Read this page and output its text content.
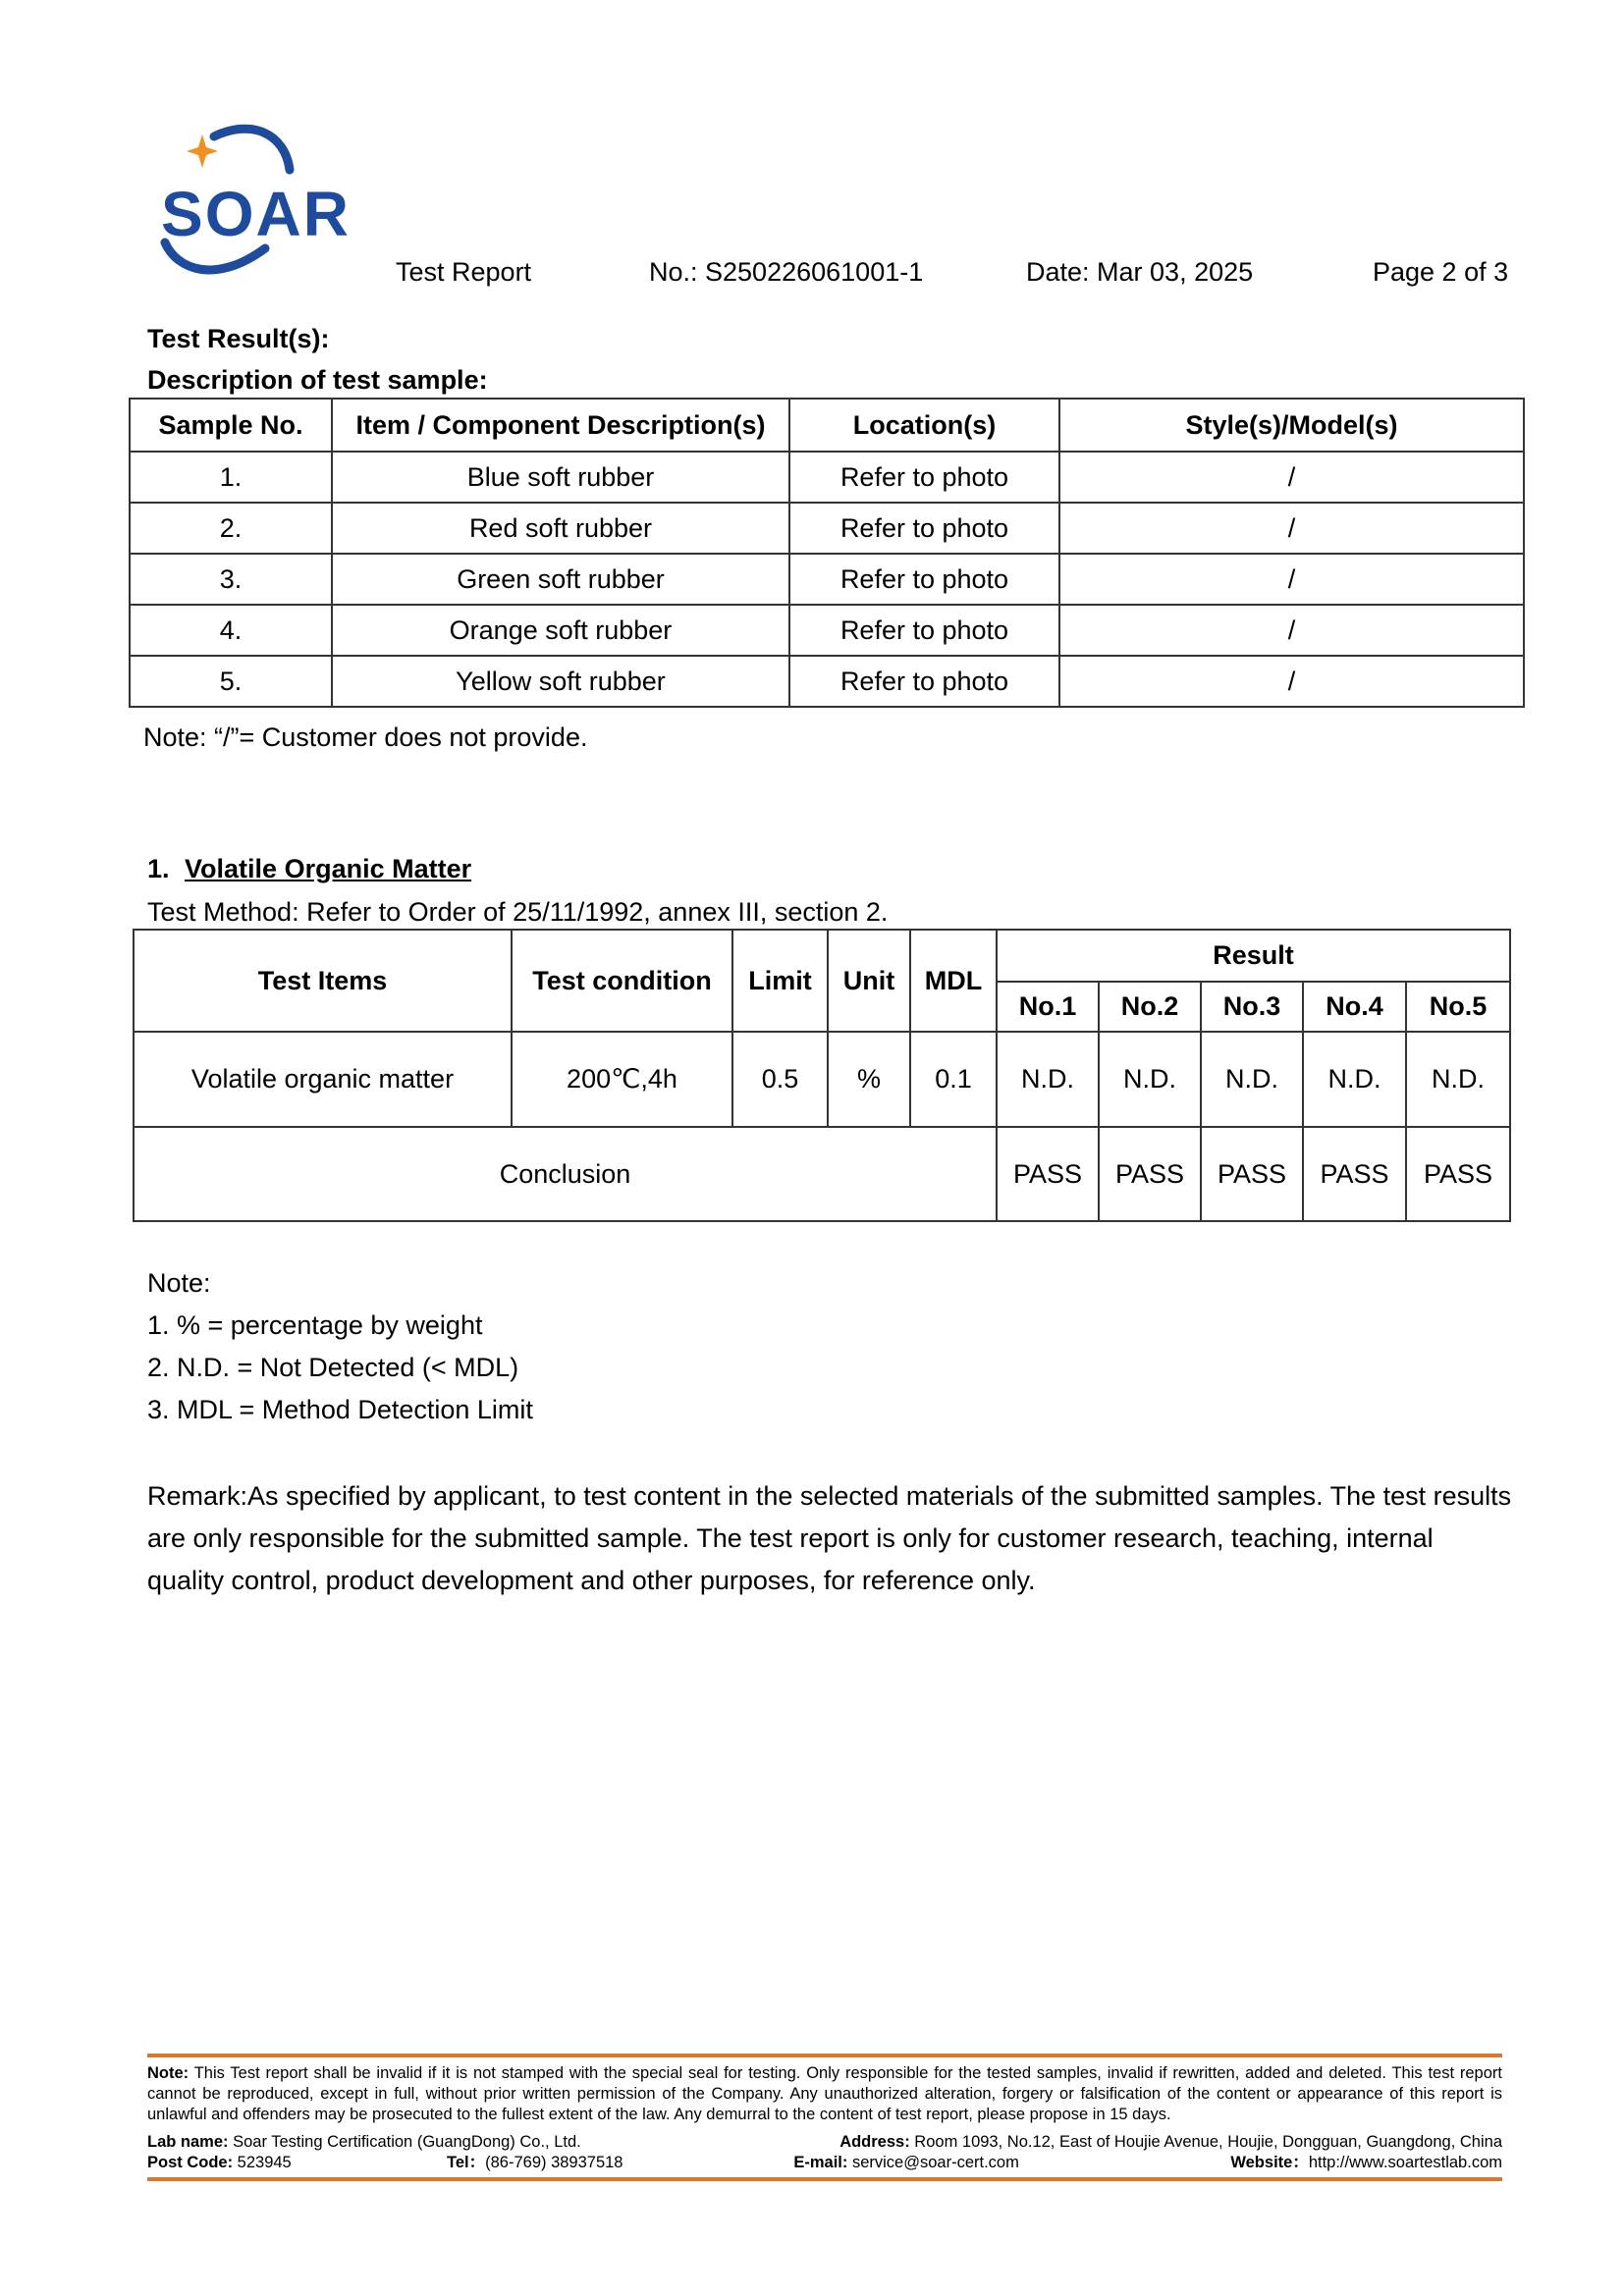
SOAR
Test Report	No.: S250226061001-1	Date: Mar 03, 2025	Page 2 of 3
Test Result(s):
Description of test sample:
Sample No.	Item / Component Description(s)	Location(s)	Style(s)/Model(s)
1.	Blue soft rubber	Refer to photo	/
2.	Red soft rubber	Refer to photo	/
3.	Green soft rubber	Refer to photo	/
4.	Orange soft rubber	Refer to photo	/
5.	Yellow soft rubber	Refer to photo	/
Note: “/”= Customer does not provide.
1. Volatile Organic Matter
Test Method: Refer to Order of 25/11/1992, annex III, section 2.
Test Items	Test condition	Limit	Unit	MDL	Result				
					No.1	No.2	No.3	No.4	No.5
Volatile organic matter	200℃,4h	0.5	%	0.1	N.D.	N.D.	N.D.	N.D.	N.D.
Conclusion					PASS	PASS	PASS	PASS	PASS
Note:
1. % = percentage by weight
2. N.D. = Not Detected (< MDL)
3. MDL = Method Detection Limit
Remark:As specified by applicant, to test content in the selected materials of the submitted samples. The test results are only responsible for the submitted sample. The test report is only for customer research, teaching, internal quality control, product development and other purposes, for reference only.
Note: This Test report shall be invalid if it is not stamped with the special seal for testing. Only responsible for the tested samples, invalid if rewritten, added and deleted. This test report cannot be reproduced, except in full, without prior written permission of the Company. Any unauthorized alteration, forgery or falsification of the content or appearance of this report is unlawful and offenders may be prosecuted to the fullest extent of the law. Any demurral to the content of test report, please propose in 15 days.
Lab name: Soar Testing Certification (GuangDong) Co., Ltd.	Address: Room 1093, No.12, East of Houjie Avenue, Houjie, Dongguan, Guangdong, China
Post Code: 523945	Tel：(86-769) 38937518	E-mail: service@soar-cert.com	Website：http://www.soartestlab.com
